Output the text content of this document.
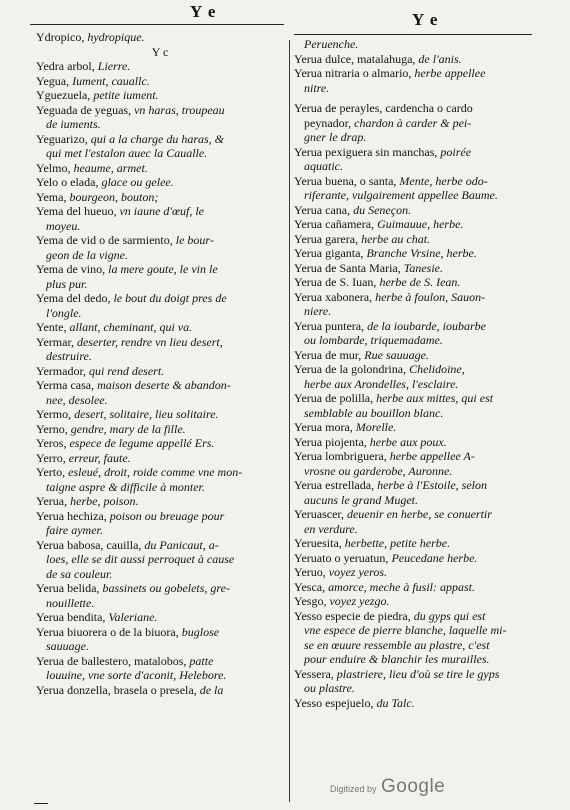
Y e	Y e
Ydropico, hydropique.
Y c
Yedra arbol, Lierre.
Yegua, Iument, cauallc.
Yguezuela, petite iument.
Yeguada de yeguas, vn haras, troupeau
de iuments.
Yeguarizo, qui a la charge du haras, &
qui met l'estalon auec la Caualle.
Yelmo, heaume, armet.
Yelo o elada, glace ou gelee.
Yema, bourgeon, bouton;
Yema del hueuo, vn iaune d'œuf, le
moyeu.
Yema de vid o de sarmiento, le bour-
geon de la vigne.
Yema de vino, la mere goute, le vin le
plus pur.
Yema del dedo, le bout du doigt pres de
l'ongle.
Yente, allant, cheminant, qui va.
Yermar, deserter, rendre vn lieu desert,
destruire.
Yermador, qui rend desert.
Yerma casa, maison deserte & abandon-
nee, desolee.
Yermo, desert, solitaire, lieu solitaire.
Yerno, gendre, mary de la fille.
Yeros, espece de legume appellé Ers.
Yerro, erreur, faute.
Yerto, esleué, droit, roide comme vne mon-
taigne aspre & difficile à monter.
Yerua, herbe, poison.
Yerua hechiza, poison ou breuage pour
faire aymer.
Yerua babosa, cauilla, du Panicaut, a-
loes, elle se dit aussi perroquet à cause
de sa couleur.
Yerua belida, bassinets ou gobelets, gre-
nouillette.
Yerua bendita, Valeriane.
Yerua biuorera o de la biuora, buglose
sauuage.
Yerua de ballestero, matalobos, patte
louuine, vne sorte d'aconit, Helebore.
Yerua donzella, brasela o presela, de la
Peruenche.
Yerua dulce, matalahuga, de l'anis.
Yerua nitraria o almario, herbe appellee
nitre.
Yerua de perayles, cardencha o cardo
peynador, chardon à carder & pei-
gner le drap.
Yerua pexiguera sin manchas, poirée
aquatic.
Yerua buena, o santa, Mente, herbe odo-
riferante, vulgairement appellee Baume.
Yerua cana, du Seneçon.
Yerua cañamera, Guimauue, herbe.
Yerua garera, herbe au chat.
Yerua giganta, Branche Vrsine, herbe.
Yerua de Santa Maria, Tanesie.
Yerua de S. Iuan, herbe de S. Iean.
Yerua xabonera, herbe à foulon, Sauon-
niere.
Yerua puntera, de la ioubarde, ioubarbe
ou lombarde, triquemadame.
Yerua de mur, Rue sauuage.
Yerua de la golondrina, Chelidoine,
herbe aux Arondelles, l'esclaire.
Yerua de polilla, herbe aux mittes, qui est
semblable au bouillon blanc.
Yerua mora, Morelle.
Yerua piojenta, herbe aux poux.
Yerua lombriguera, herbe appellee A-
vrosne ou garderobe, Auronne.
Yerua estrellada, herbe à l'Estoile, selon
aucuns le grand Muget.
Yeruascer, deuenir en herbe, se conuertir
en verdure.
Yeruesita, herbette, petite herbe.
Yeruato o yeruatun, Peucedane herbe.
Yeruo, voyez yeros.
Yesca, amorce, meche à fusil: appast.
Yesgo, voyez yezgo.
Yesso especie de piedra, du gyps qui est
vne espece de pierre blanche, laquelle mi-
se en œuure ressemble au plastre, c'est
pour enduire & blanchir les murailles.
Yessera, plastriere, lieu d'où se tire le gyps
ou plastre.
Yesso espejuelo, du Talc.
Digitized by Google
